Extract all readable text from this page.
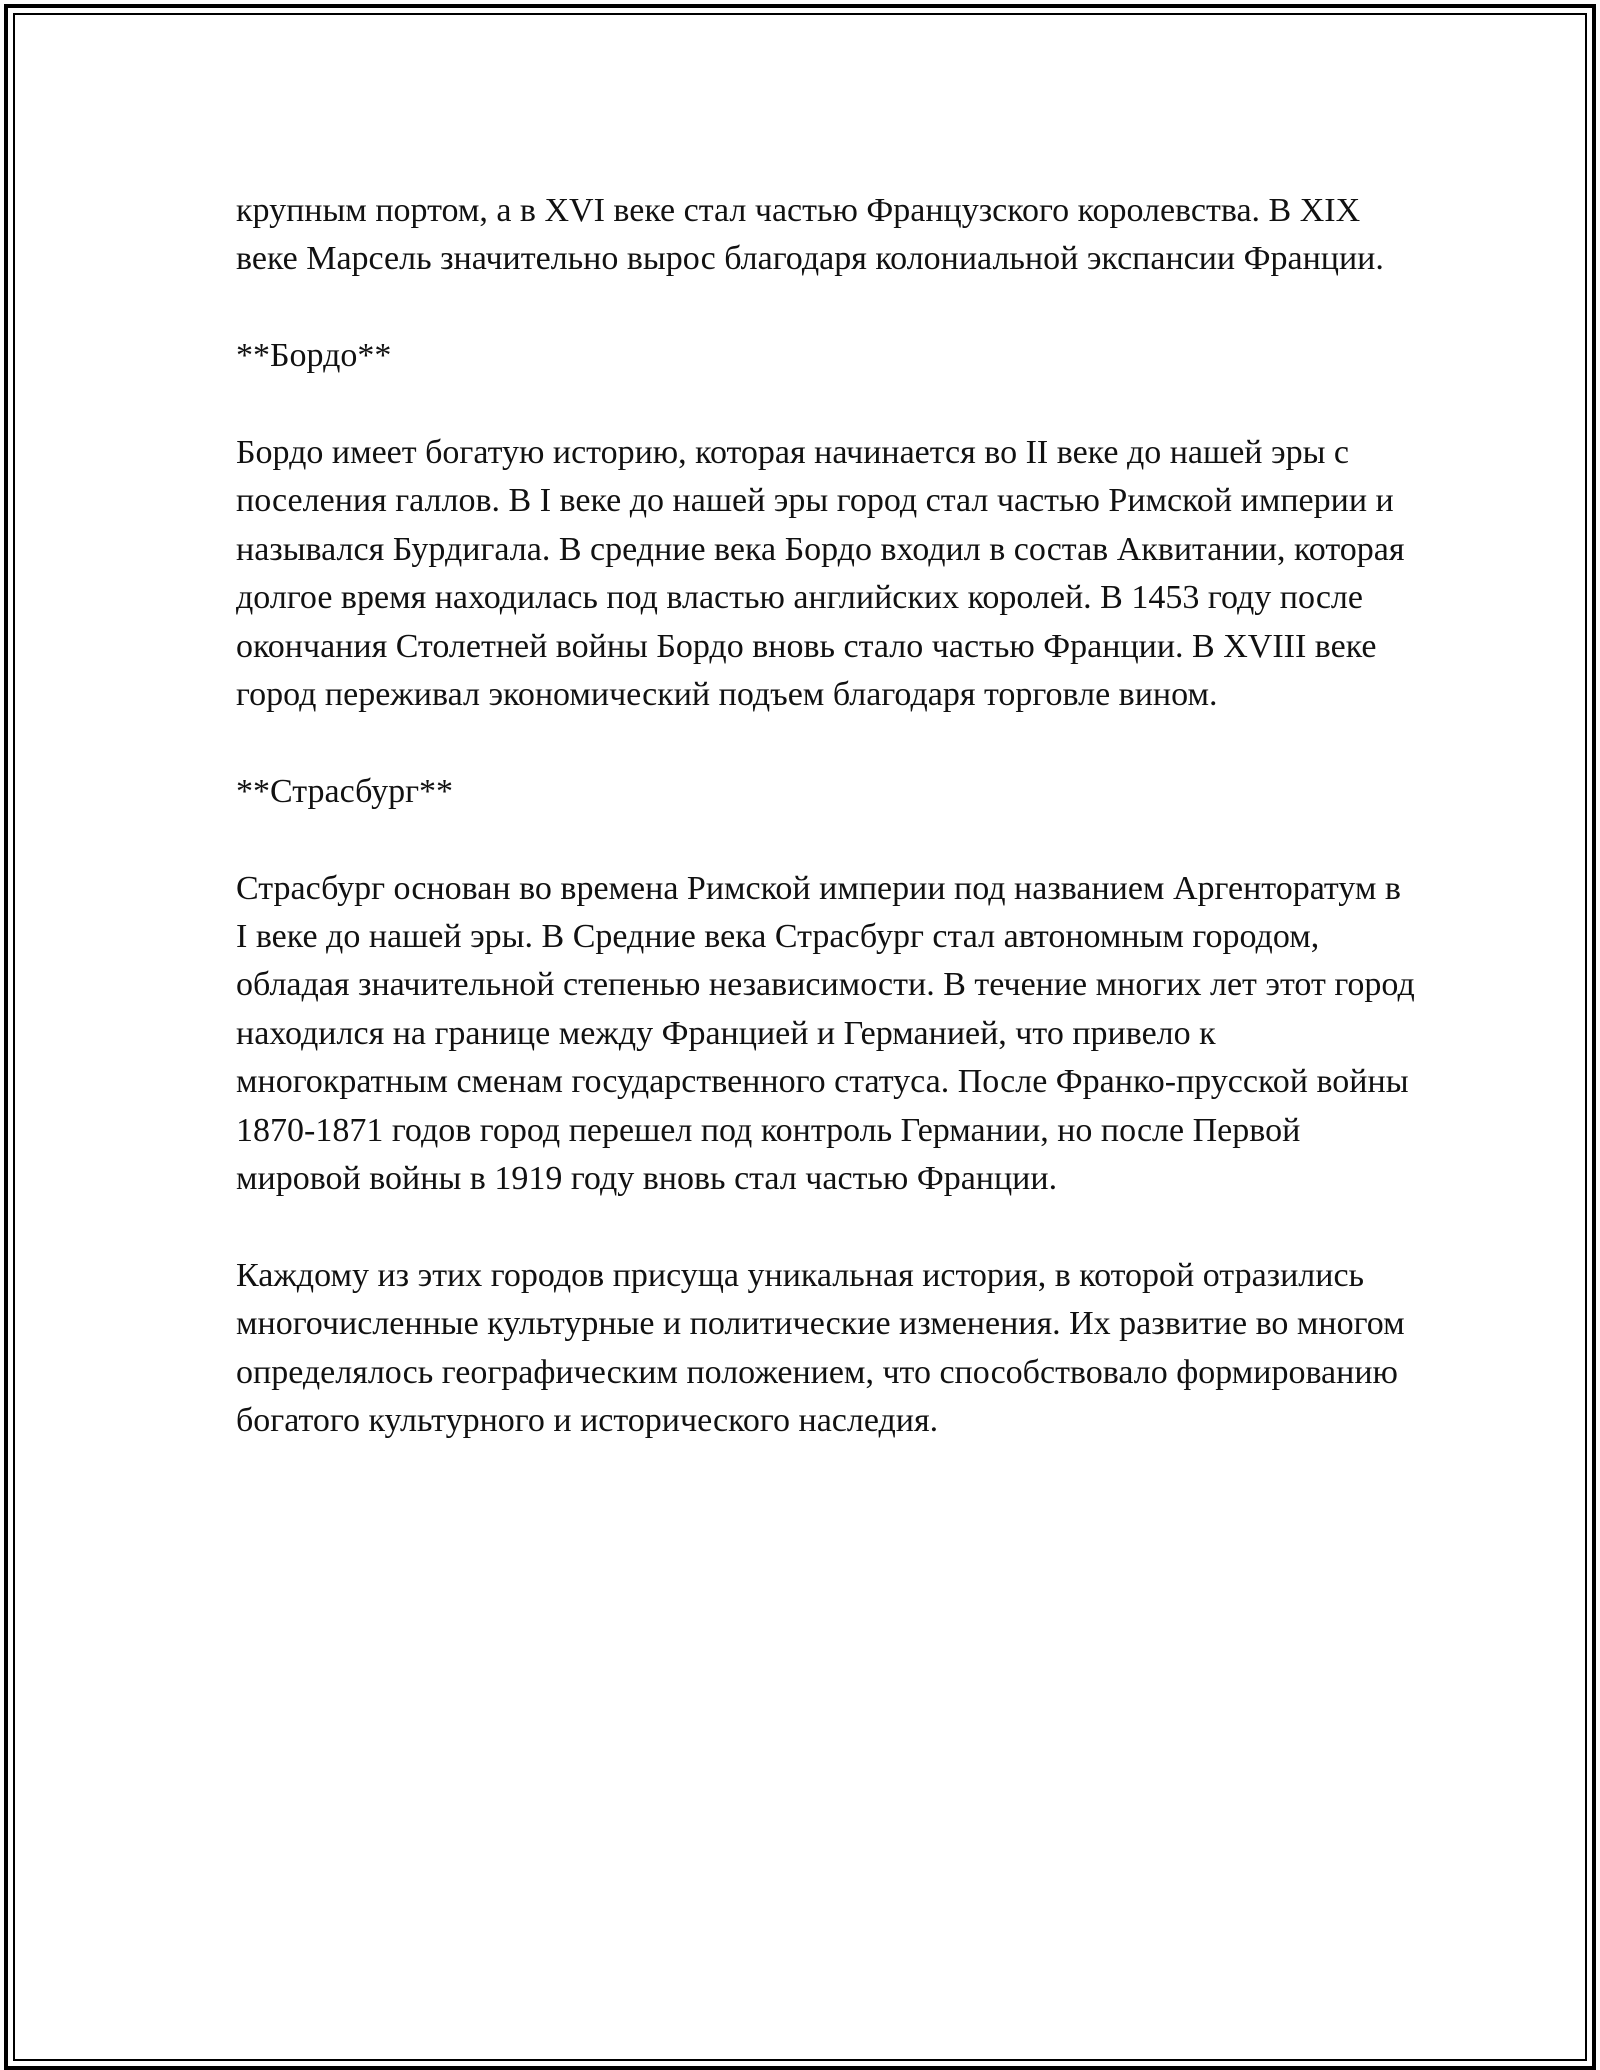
крупным портом, а в XVI веке стал частью Французского королевства. В XIX веке Марсель значительно вырос благодаря колониальной экспансии Франции.

**Бордо**

Бордо имеет богатую историю, которая начинается во II веке до нашей эры с поселения галлов. В I веке до нашей эры город стал частью Римской империи и назывался Бурдигала. В средние века Бордо входил в состав Аквитании, которая долгое время находилась под властью английских королей. В 1453 году после окончания Столетней войны Бордо вновь стало частью Франции. В XVIII веке город переживал экономический подъем благодаря торговле вином.

**Страсбург**

Страсбург основан во времена Римской империи под названием Аргенторатум в I веке до нашей эры. В Средние века Страсбург стал автономным городом, обладая значительной степенью независимости. В течение многих лет этот город находился на границе между Францией и Германией, что привело к многократным сменам государственного статуса. После Франко-прусской войны 1870-1871 годов город перешел под контроль Германии, но после Первой мировой войны в 1919 году вновь стал частью Франции.

Каждому из этих городов присуща уникальная история, в которой отразились многочисленные культурные и политические изменения. Их развитие во многом определялось географическим положением, что способствовало формированию богатого культурного и исторического наследия.
